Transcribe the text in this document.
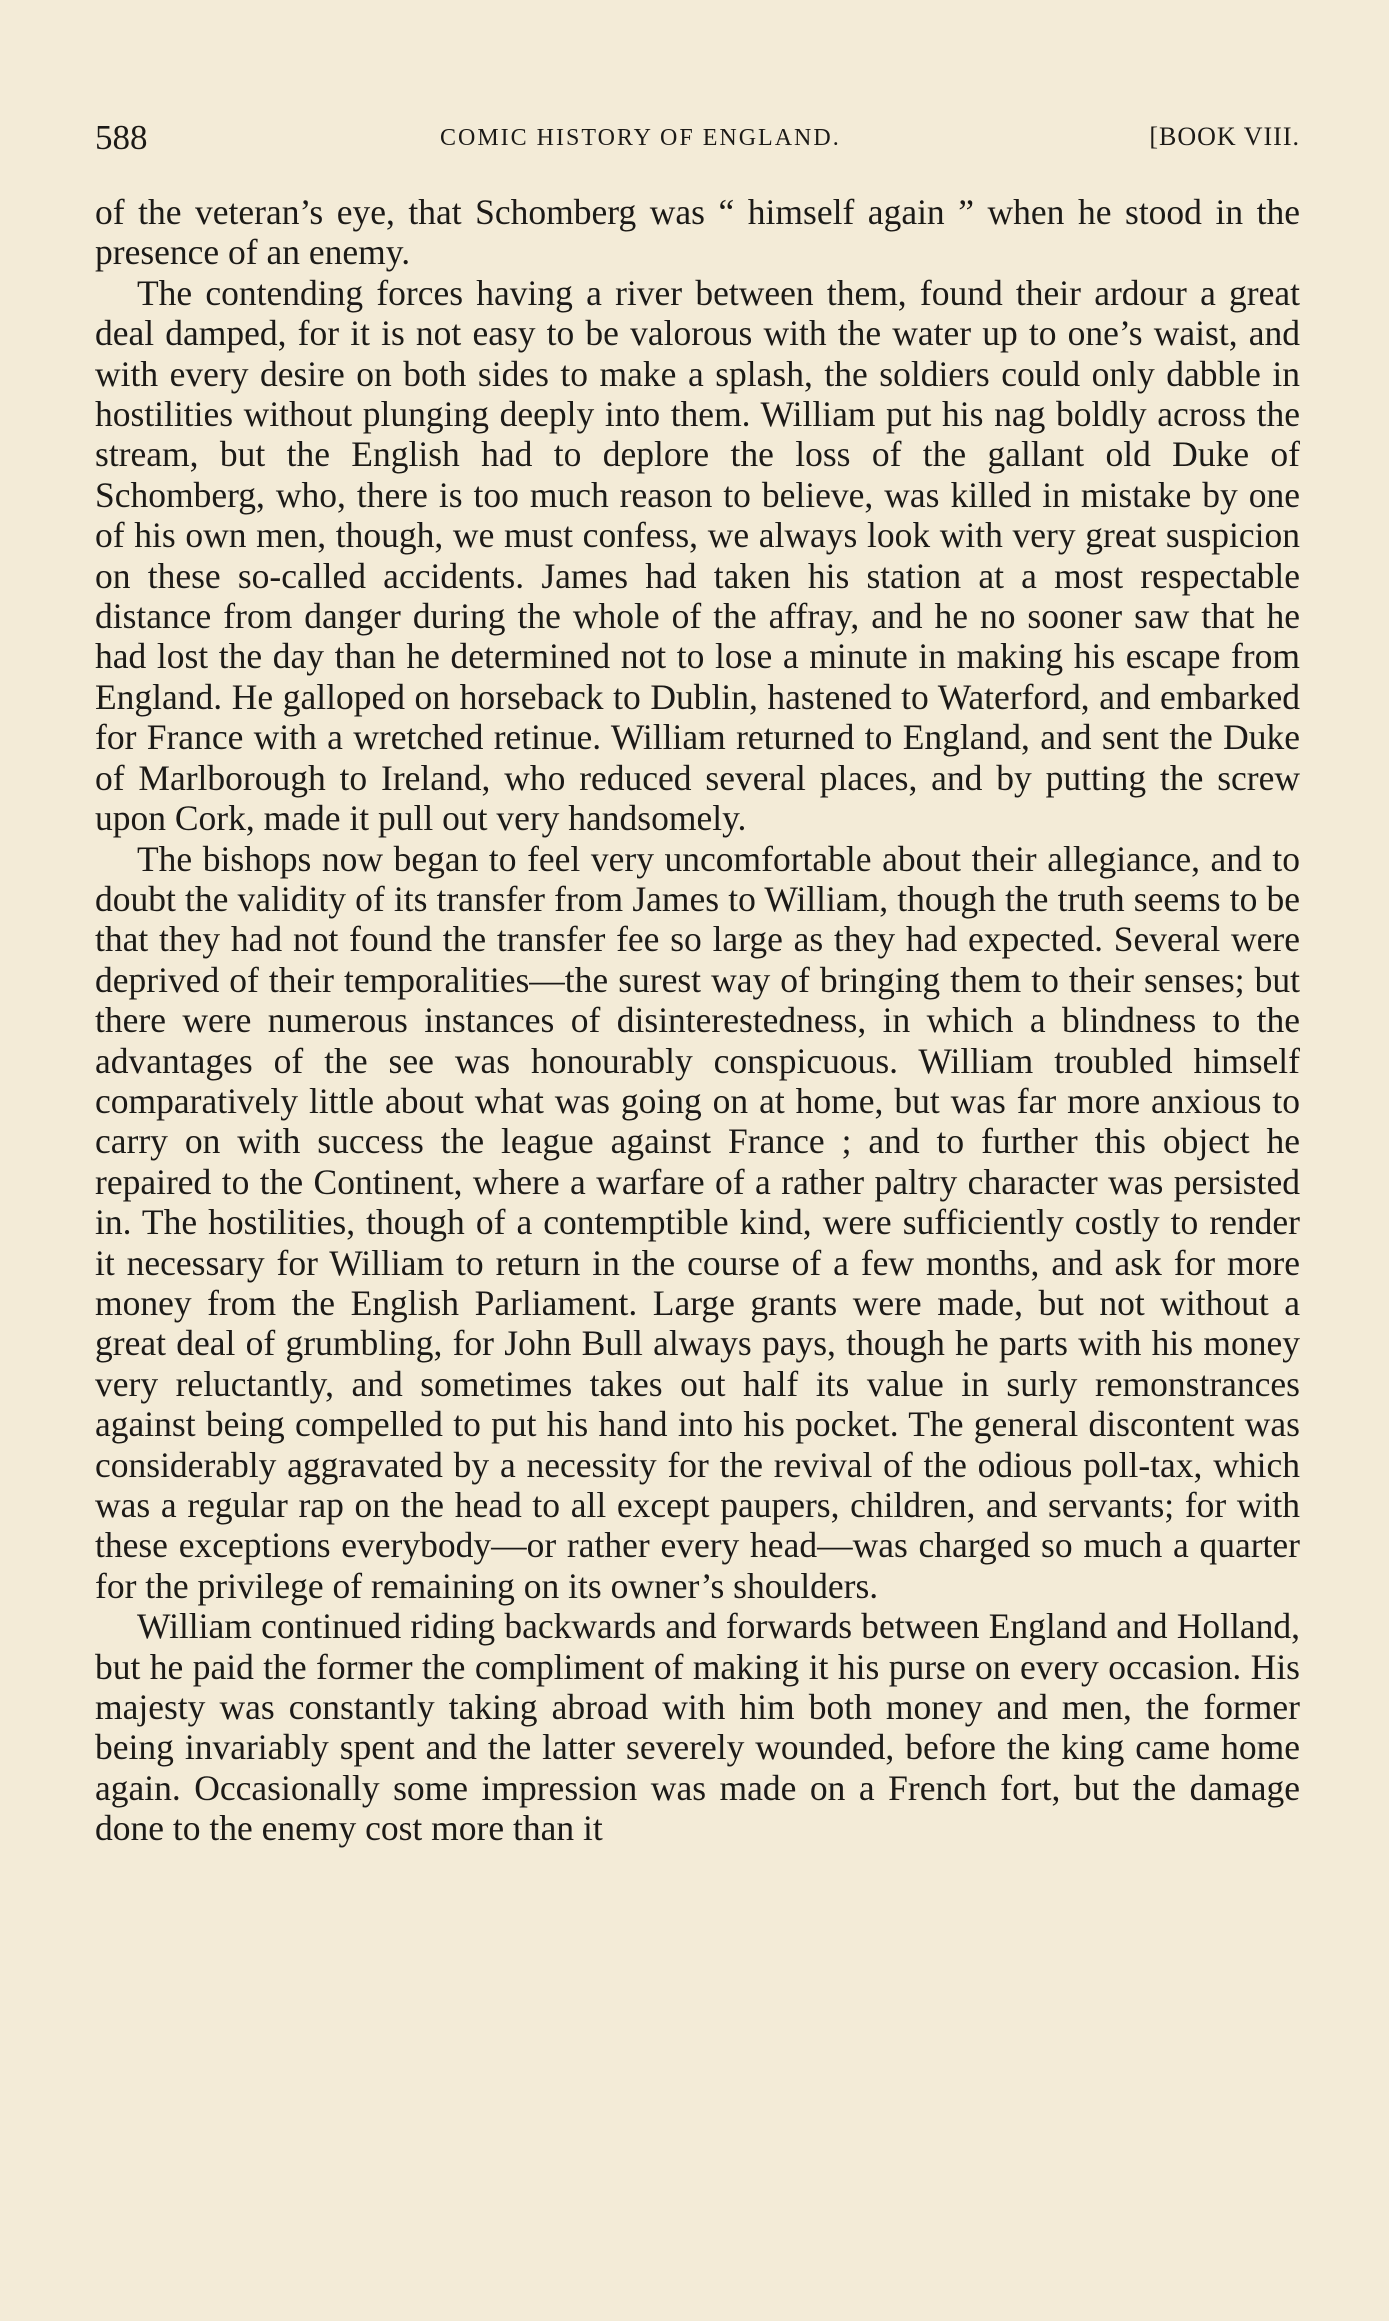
588	COMIC HISTORY OF ENGLAND.	[BOOK VIII.

of the veteran’s eye, that Schomberg was “ himself again ” when he stood in the presence of an enemy.

The contending forces having a river between them, found their ardour a great deal damped, for it is not easy to be valorous with the water up to one’s waist, and with every desire on both sides to make a splash, the soldiers could only dabble in hostilities without plunging deeply into them. William put his nag boldly across the stream, but the English had to deplore the loss of the gallant old Duke of Schomberg, who, there is too much reason to believe, was killed in mistake by one of his own men, though, we must confess, we always look with very great suspicion on these so-called accidents. James had taken his station at a most respectable distance from danger during the whole of the affray, and he no sooner saw that he had lost the day than he determined not to lose a minute in making his escape from England. He galloped on horseback to Dublin, hastened to Waterford, and embarked for France with a wretched retinue. William returned to England, and sent the Duke of Marlborough to Ireland, who reduced several places, and by putting the screw upon Cork, made it pull out very handsomely.

The bishops now began to feel very uncomfortable about their allegiance, and to doubt the validity of its transfer from James to William, though the truth seems to be that they had not found the transfer fee so large as they had expected. Several were deprived of their temporalities—the surest way of bringing them to their senses; but there were numerous instances of disinterestedness, in which a blindness to the advantages of the see was honourably conspicuous. William troubled himself comparatively little about what was going on at home, but was far more anxious to carry on with success the league against France ; and to further this object he repaired to the Continent, where a warfare of a rather paltry character was persisted in. The hostilities, though of a contemptible kind, were sufficiently costly to render it necessary for William to return in the course of a few months, and ask for more money from the English Parliament. Large grants were made, but not without a great deal of grumbling, for John Bull always pays, though he parts with his money very reluctantly, and sometimes takes out half its value in surly remonstrances against being compelled to put his hand into his pocket. The general discontent was considerably aggravated by a necessity for the revival of the odious poll-tax, which was a regular rap on the head to all except paupers, children, and servants; for with these exceptions everybody—or rather every head—was charged so much a quarter for the privilege of remaining on its owner’s shoulders.

William continued riding backwards and forwards between England and Holland, but he paid the former the compliment of making it his purse on every occasion. His majesty was constantly taking abroad with him both money and men, the former being invariably spent and the latter severely wounded, before the king came home again. Occasionally some impression was made on a French fort, but the damage done to the enemy cost more than it
